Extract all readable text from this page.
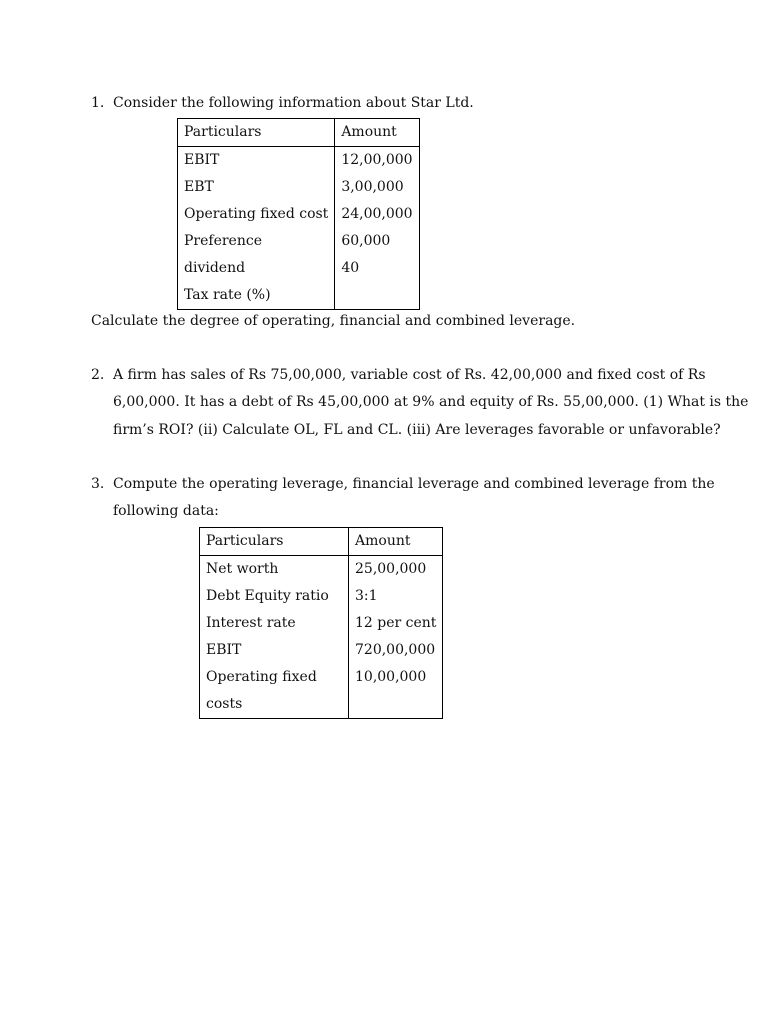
1. Consider the following information about Star Ltd.
Particulars	Amount
EBIT	12,00,000
EBT	3,00,000
Operating fixed cost	24,00,000
Preference	60,000
dividend	40
Tax rate (%)	
Calculate the degree of operating, financial and combined leverage.
2. A firm has sales of Rs 75,00,000, variable cost of Rs. 42,00,000 and fixed cost of Rs
6,00,000. It has a debt of Rs 45,00,000 at 9% and equity of Rs. 55,00,000. (1) What is the
firm’s ROI? (ii) Calculate OL, FL and CL. (iii) Are leverages favorable or unfavorable?
3. Compute the operating leverage, financial leverage and combined leverage from the
following data:
Particulars	Amount
Net worth	25,00,000
Debt Equity ratio	3:1
Interest rate	12 per cent
EBIT	720,00,000
Operating fixed	10,00,000
costs	
